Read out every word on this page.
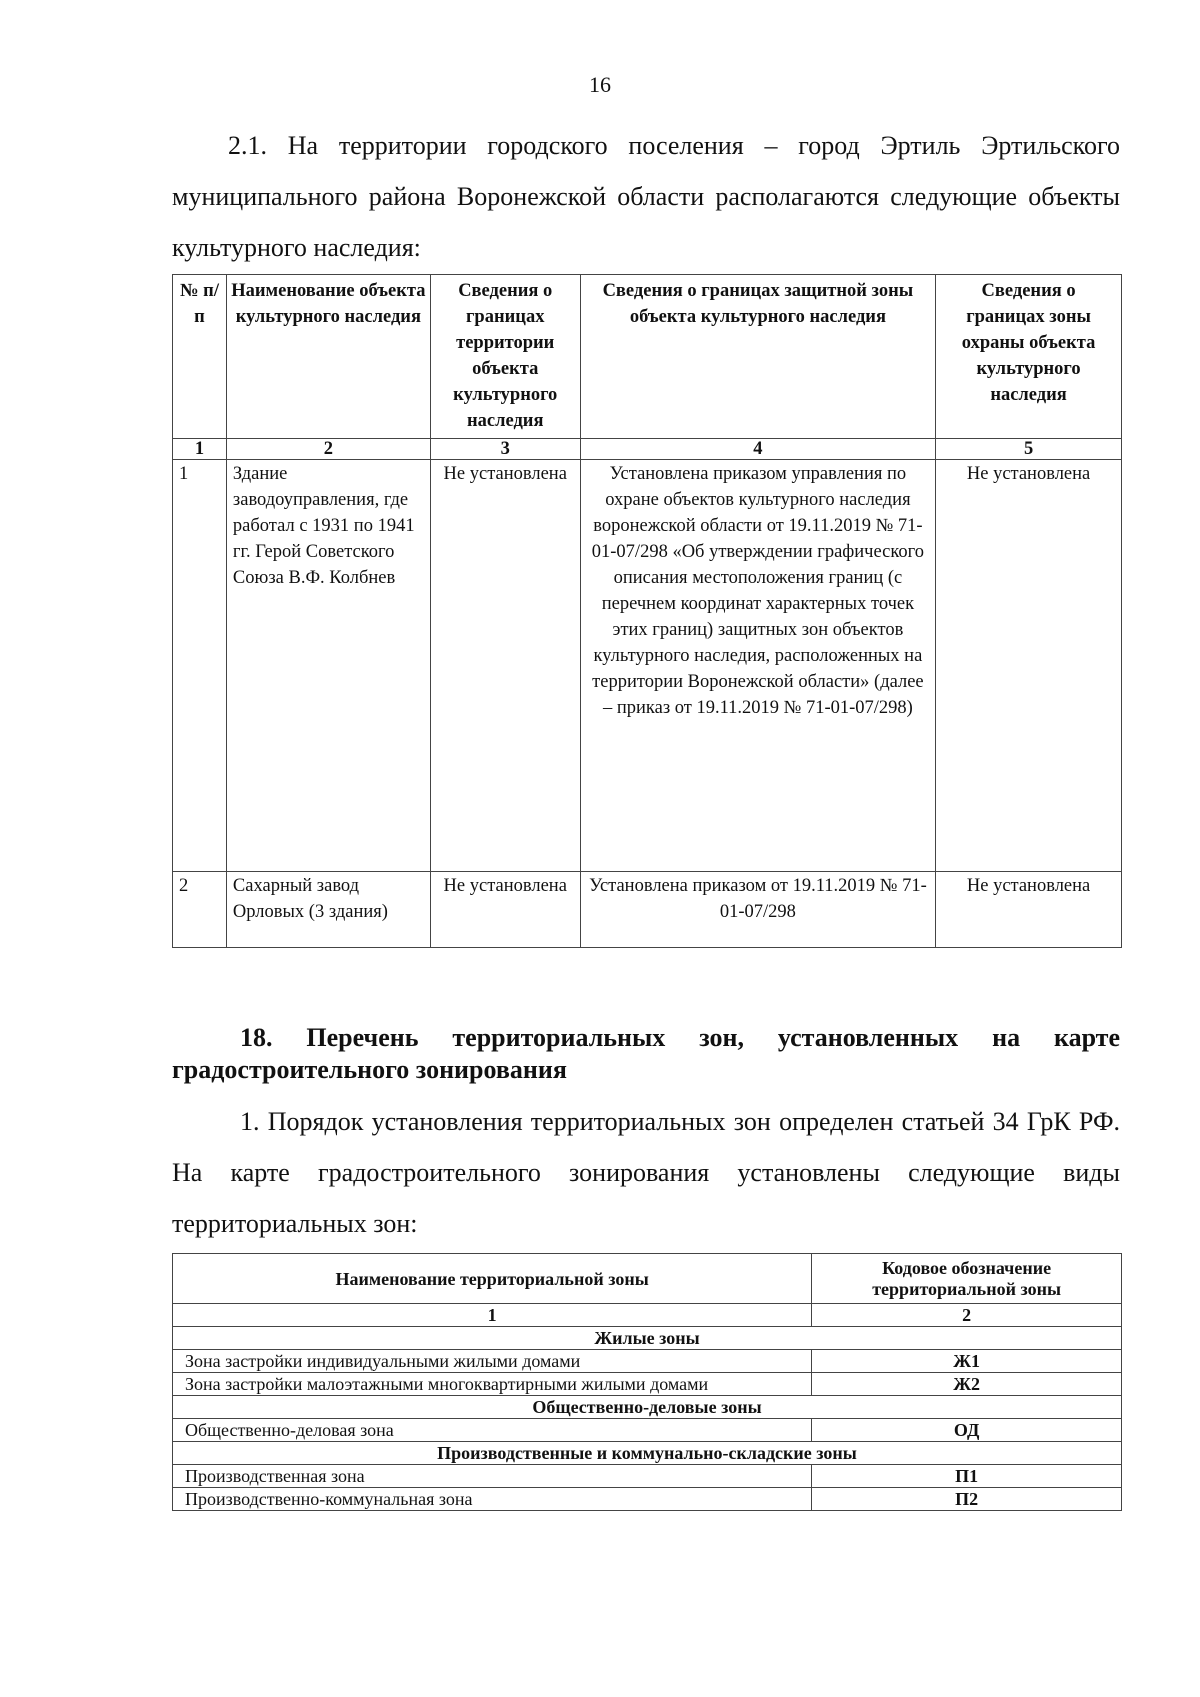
16

2.1. На территории городского поселения – город Эртиль Эртильского муниципального района Воронежской области располагаются следующие объекты культурного наследия:

№ п/п	Наименование объекта культурного наследия	Сведения о границах территории объекта культурного наследия	Сведения о границах защитной зоны объекта культурного наследия	Сведения о границах зоны охраны объекта культурного наследия
1	2	3	4	5
1	Здание заводоуправления, где работал с 1931 по 1941 гг. Герой Советского Союза В.Ф. Колбнев	Не установлена	Установлена приказом управления по охране объектов культурного наследия воронежской области от 19.11.2019 № 71-01-07/298 «Об утверждении графического описания местоположения границ (с перечнем координат характерных точек этих границ) защитных зон объектов культурного наследия, расположенных на территории Воронежской области» (далее – приказ от 19.11.2019 № 71-01-07/298)	Не установлена
2	Сахарный завод Орловых (3 здания)	Не установлена	Установлена приказом от 19.11.2019 № 71-01-07/298	Не установлена
18. Перечень территориальных зон, установленных на карте градостроительного зонирования

1. Порядок установления территориальных зон определен статьей 34 ГрК РФ. На карте градостроительного зонирования установлены следующие виды территориальных зон:

Наименование территориальной зоны	Кодовое обозначение территориальной зоны
1	2
Жилые зоны	
Зона застройки индивидуальными жилыми домами	Ж1
Зона застройки малоэтажными многоквартирными жилыми домами	Ж2
Общественно-деловые зоны	
Общественно-деловая зона	ОД
Производственные и коммунально-складские зоны	
Производственная зона	П1
Производственно-коммунальная зона	П2
